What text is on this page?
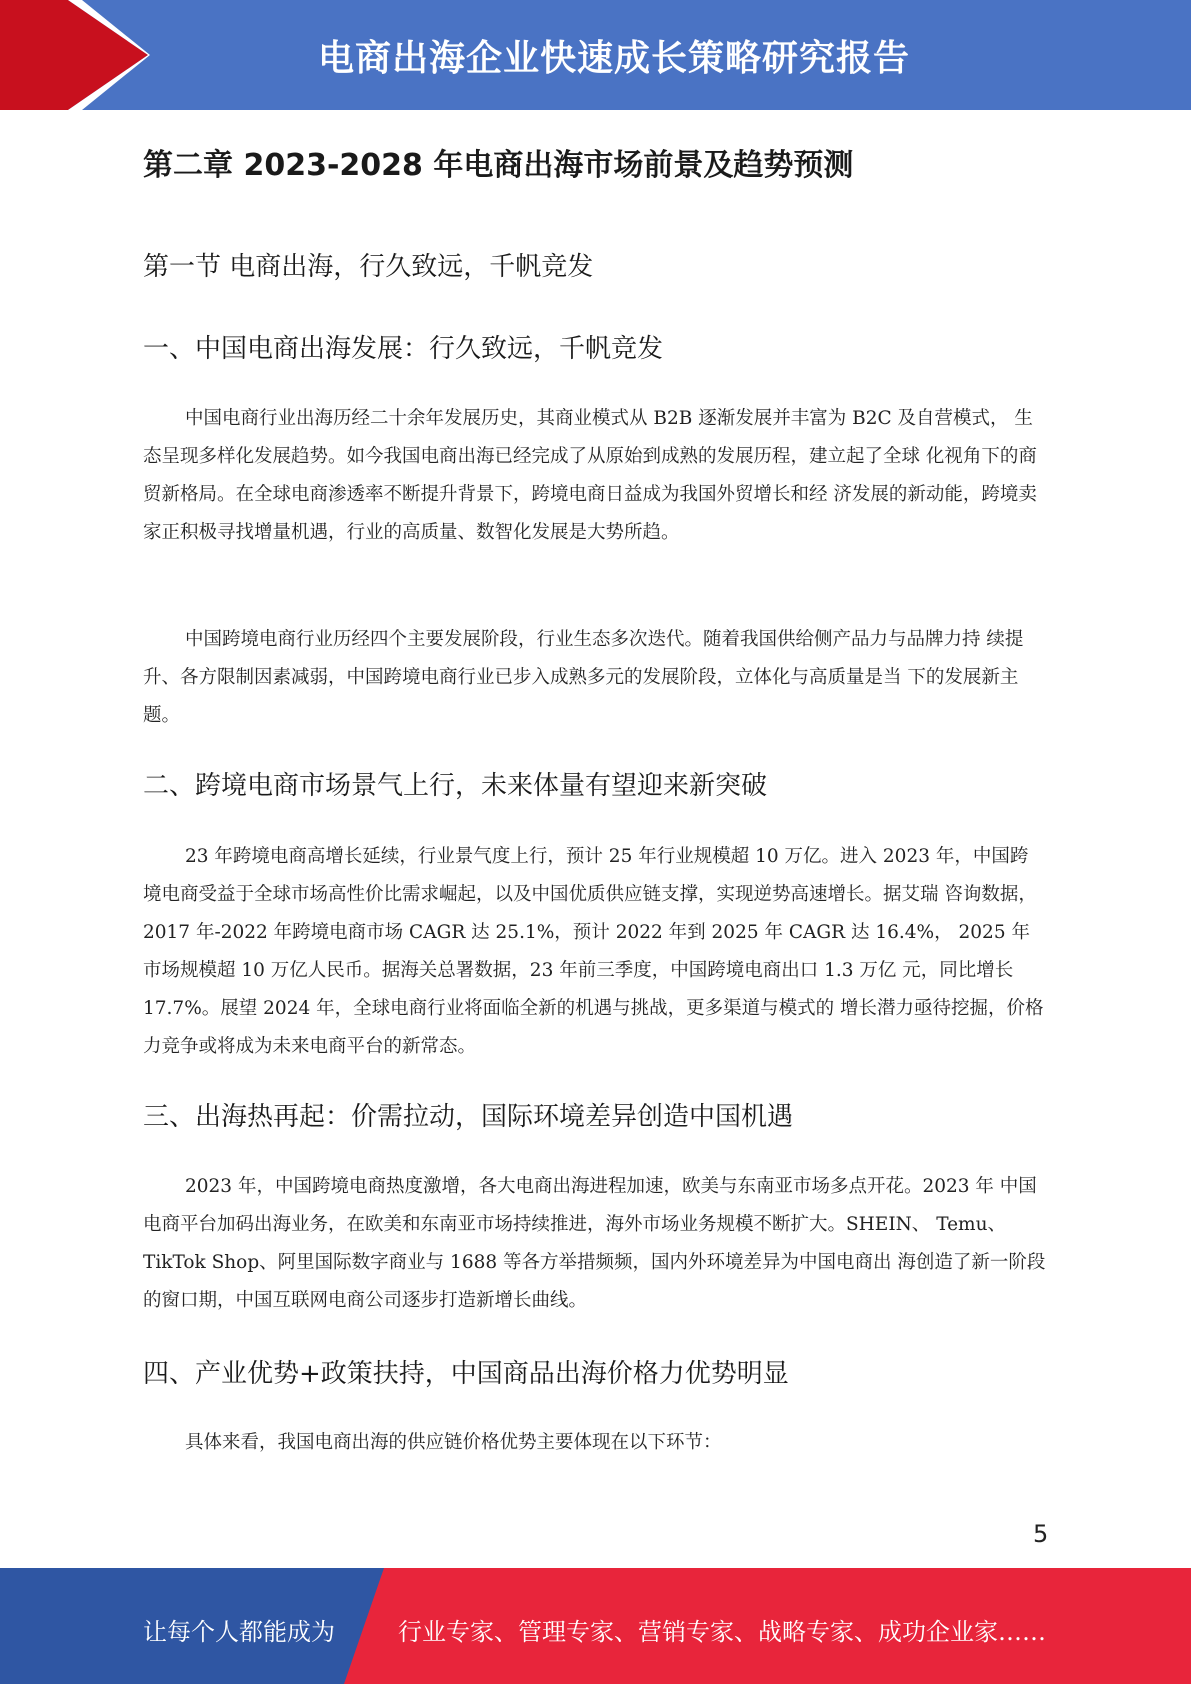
电商出海企业快速成长策略研究报告
第二章 2023-2028 年电商出海市场前景及趋势预测
第一节 电商出海，行久致远，千帆竞发
一、中国电商出海发展：行久致远，千帆竞发
中国电商行业出海历经二十余年发展历史，其商业模式从 B2B 逐渐发展并丰富为 B2C 及自营模式， 生态呈现多样化发展趋势。如今我国电商出海已经完成了从原始到成熟的发展历程，建立起了全球 化视角下的商贸新格局。在全球电商渗透率不断提升背景下，跨境电商日益成为我国外贸增长和经 济发展的新动能，跨境卖家正积极寻找增量机遇，行业的高质量、数智化发展是大势所趋。
中国跨境电商行业历经四个主要发展阶段，行业生态多次迭代。随着我国供给侧产品力与品牌力持 续提升、各方限制因素减弱，中国跨境电商行业已步入成熟多元的发展阶段，立体化与高质量是当 下的发展新主题。
二、跨境电商市场景气上行，未来体量有望迎来新突破
23 年跨境电商高增长延续，行业景气度上行，预计 25 年行业规模超 10 万亿。进入 2023 年，中国跨 境电商受益于全球市场高性价比需求崛起，以及中国优质供应链支撑，实现逆势高速增长。据艾瑞 咨询数据，2017 年-2022 年跨境电商市场 CAGR 达 25.1%，预计 2022 年到 2025 年 CAGR 达 16.4%， 2025 年市场规模超 10 万亿人民币。据海关总署数据，23 年前三季度，中国跨境电商出口 1.3 万亿 元，同比增长 17.7%。展望 2024 年，全球电商行业将面临全新的机遇与挑战，更多渠道与模式的 增长潜力亟待挖掘，价格力竞争或将成为未来电商平台的新常态。
三、出海热再起：价需拉动，国际环境差异创造中国机遇
2023 年，中国跨境电商热度激增，各大电商出海进程加速，欧美与东南亚市场多点开花。2023 年 中国电商平台加码出海业务，在欧美和东南亚市场持续推进，海外市场业务规模不断扩大。SHEIN、 Temu、TikTok Shop、阿里国际数字商业与 1688 等各方举措频频，国内外环境差异为中国电商出 海创造了新一阶段的窗口期，中国互联网电商公司逐步打造新增长曲线。
四、产业优势+政策扶持，中国商品出海价格力优势明显
具体来看，我国电商出海的供应链价格优势主要体现在以下环节：
5
让每个人都能成为	行业专家、管理专家、营销专家、战略专家、成功企业家……
